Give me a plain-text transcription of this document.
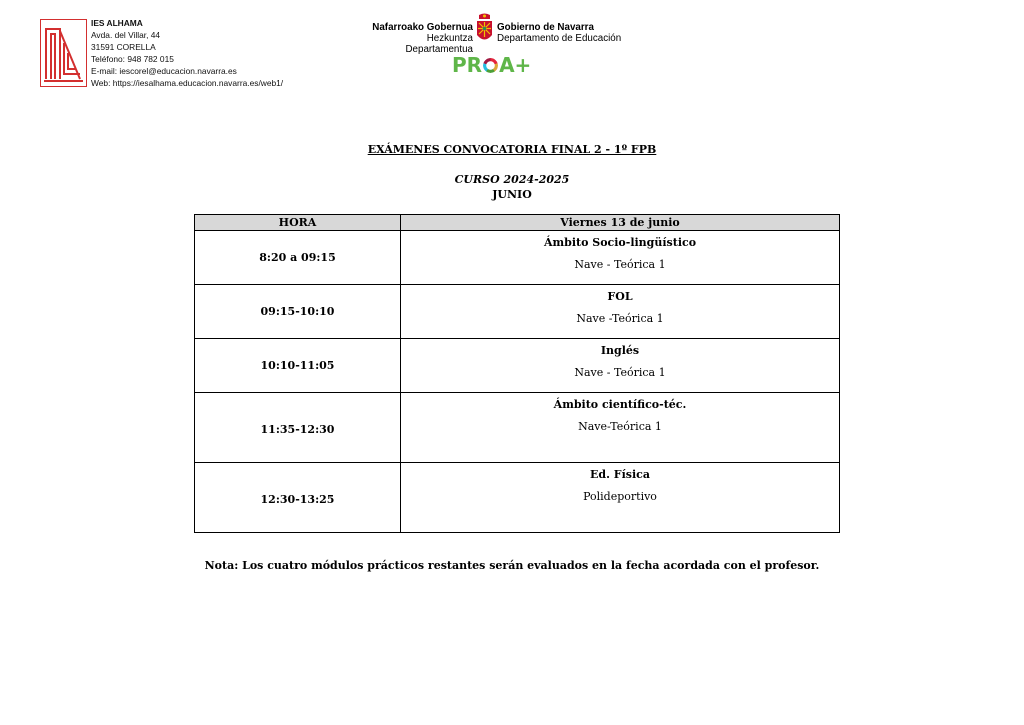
IES ALHAMA
Avda. del Villar, 44
31591 CORELLA
Teléfono: 948 782 015
E-mail: iescorel@educacion.navarra.es
Web: https://iesalhama.educacion.navarra.es/web1/
Nafarroako Gobernua
Hezkuntza Departamentua
Gobierno de Navarra
Departamento de Educación
PR A+
EXÁMENES CONVOCATORIA FINAL 2 - 1º FPB
CURSO 2024-2025
JUNIO
HORA	Viernes 13 de junio
8:20 a 09:15	Ámbito Socio-lingüístico
Nave - Teórica 1

09:15-10:10	FOL
Nave -Teórica 1

10:10-11:05	Inglés
Nave - Teórica 1

11:35-12:30	Ámbito científico-téc.
Nave-Teórica 1

12:30-13:25	Ed. Física
Polideportivo
Nota: Los cuatro módulos prácticos restantes serán evaluados en la fecha acordada con el profesor.
